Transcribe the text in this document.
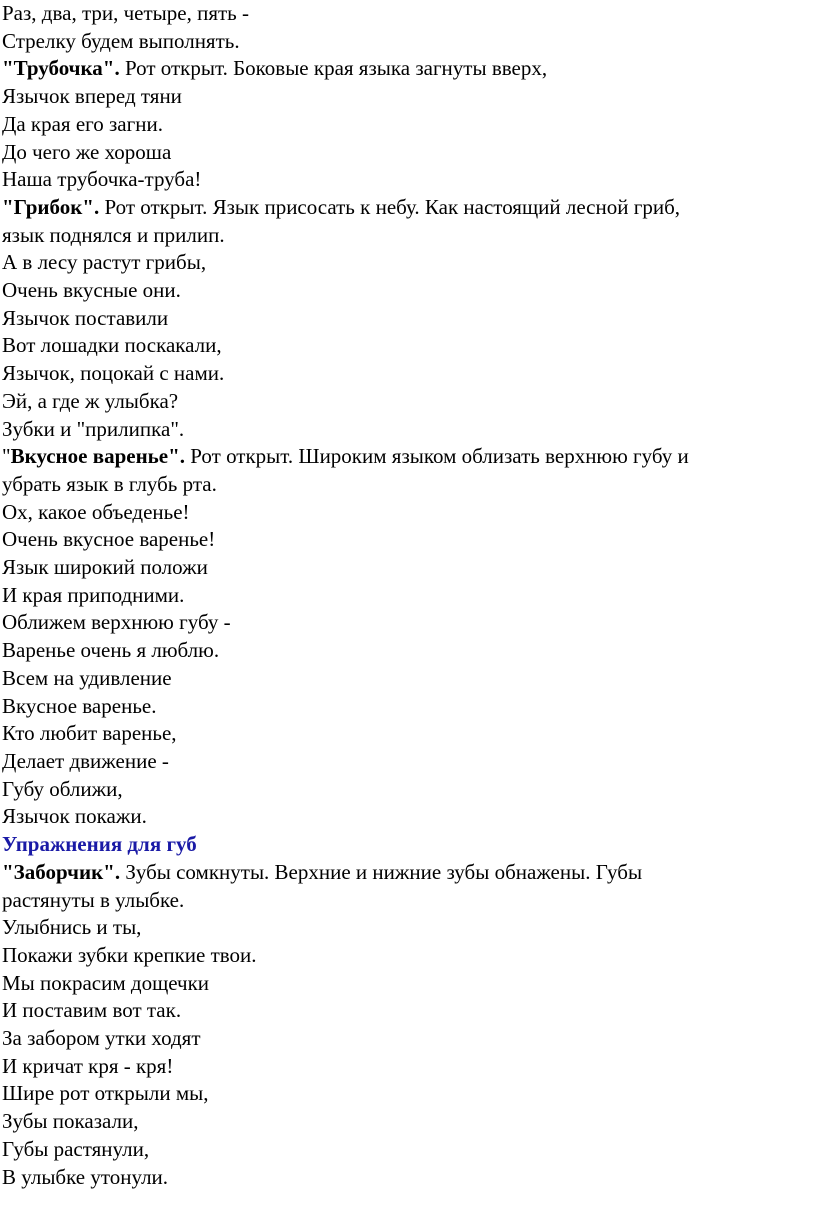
Раз, два, три, четыре, пять -
Стрелку будем выполнять.
"Трубочка". Рот открыт. Боковые края языка загнуты вверх,
Язычок вперед тяни
Да края его загни.
До чего же хороша
Наша трубочка-труба!
"Грибок". Рот открыт. Язык присосать к небу. Как настоящий лесной гриб,
язык поднялся и прилип.
А в лесу растут грибы,
Очень вкусные они.
Язычок поставили
Вот лошадки поскакали,
Язычок, поцокай с нами.
Эй, а где ж улыбка?
Зубки и "прилипка".
"Вкусное варенье". Рот открыт. Широким языком облизать верхнюю губу и
убрать язык в глубь рта.
Ох, какое объеденье!
Очень вкусное варенье!
Язык широкий положи
И края приподними.
Оближем верхнюю губу -
Варенье очень я люблю.
Всем на удивление
Вкусное варенье.
Кто любит варенье,
Делает движение -
Губу оближи,
Язычок покажи.
Упражнения для губ
"Заборчик". Зубы сомкнуты. Верхние и нижние зубы обнажены. Губы
растянуты в улыбке.
Улыбнись и ты,
Покажи зубки крепкие твои.
Мы покрасим дощечки
И поставим вот так.
За забором утки ходят
И кричат кря - кря!
Шире рот открыли мы,
Зубы показали,
Губы растянули,
В улыбке утонули.
